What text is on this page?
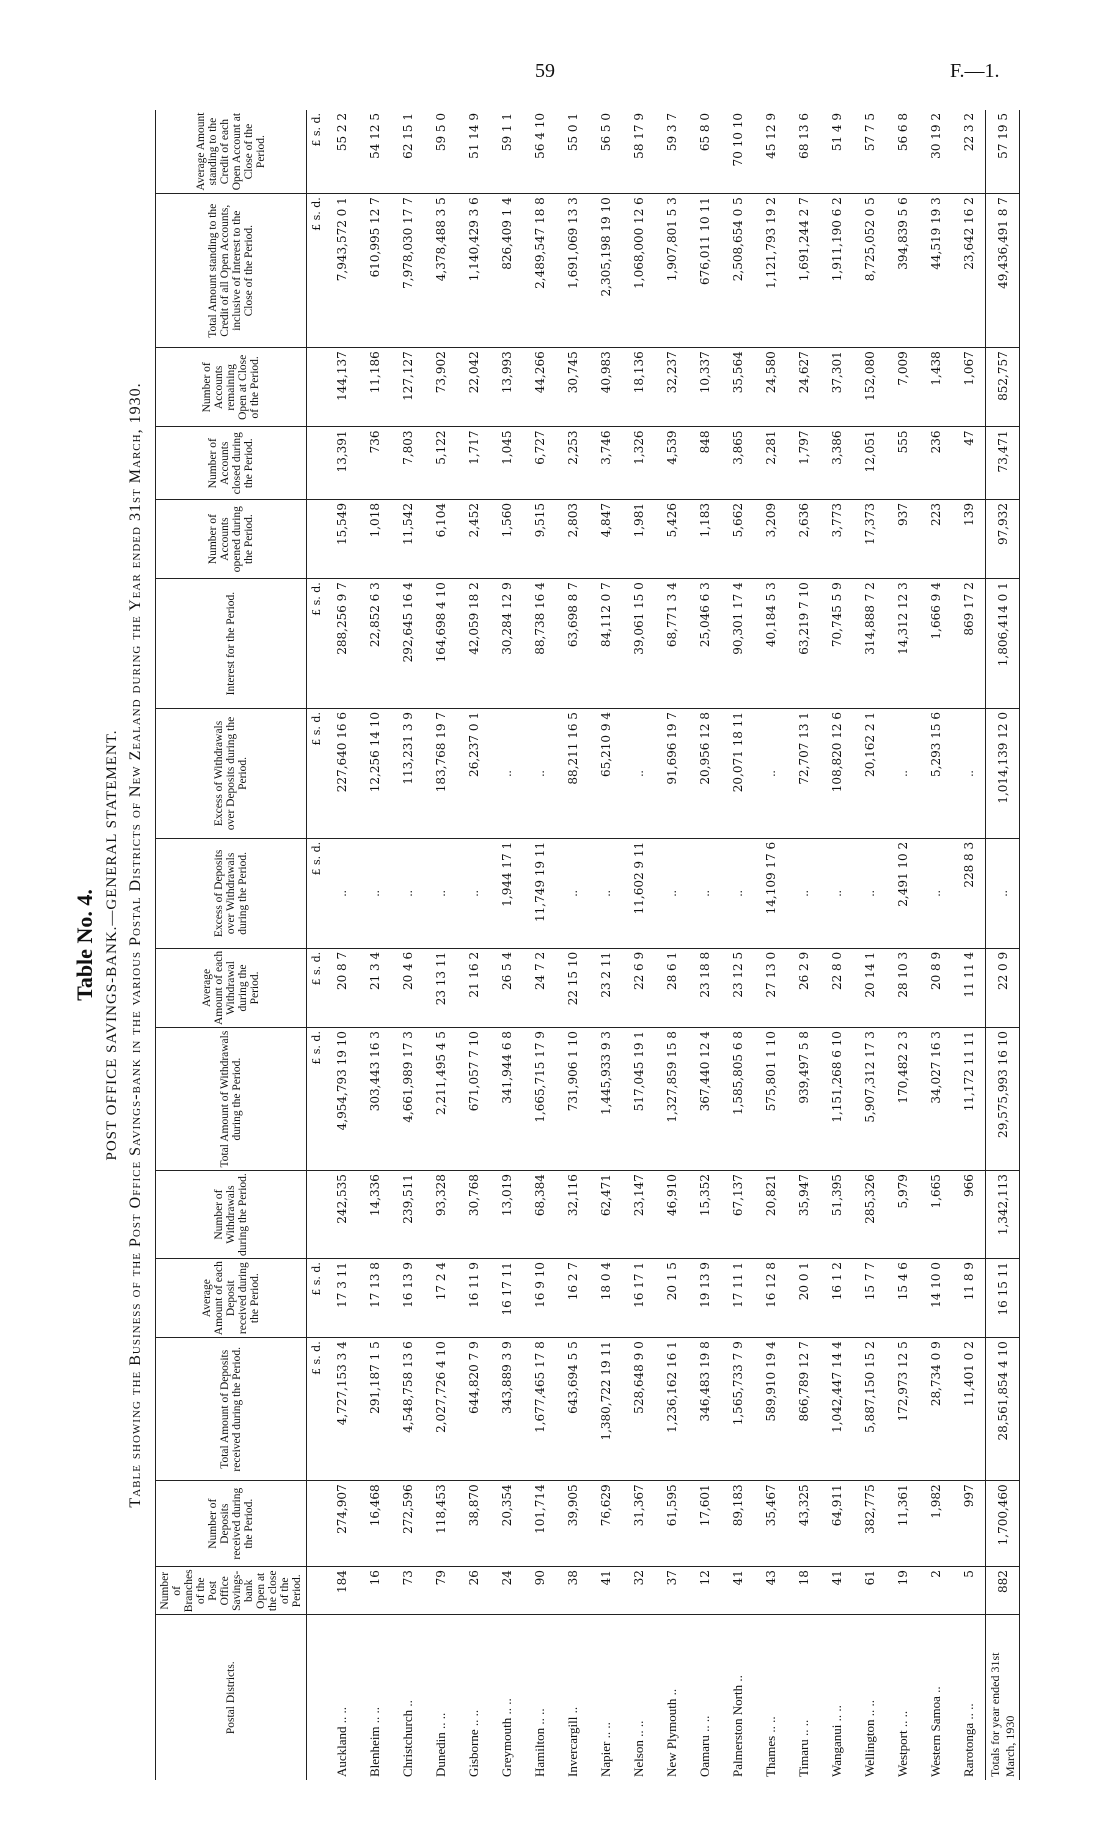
59	F.—1.
Table No. 4. POST OFFICE SAVINGS-BANK.—GENERAL STATEMENT. Table showing the Business of the Post Office Savings-bank in the various Postal Districts of New Zealand during the Year ended 31st March, 1930.
Postal Districts.	Number of Branches of the Post Office Savings-bank Open at the close of the Period.	Number of Deposits received during the Period.	Total Amount of Deposits received during the Period.	Average Amount of each Deposit received during the Period.	Number of Withdrawals during the Period.	Total Amount of Withdrawals during the Period.	Average Amount of each Withdrawal during the Period.	Excess of Deposits over Withdrawals during the Period.	Excess of Withdrawals over Deposits during the Period.	Interest for the Period.	Number of Accounts opened during the Period.	Number of Accounts closed during the Period.	Number of Accounts remaining Open at Close of the Period.	Total Amount standing to the Credit of all Open Accounts, inclusive of Interest to the Close of the Period.	Average Amount standing to the Credit of each Open Account at Close of the Period.
			£ s. d.	£ s. d.		£ s. d.	£ s. d.	£ s. d.	£ s. d.	£ s. d.				£ s. d.	£ s. d.
Auckland .. ..	184	274,907	4,727,153 3 4	17 3 11	242,535	4,954,793 19 10	20 8 7	..	227,640 16 6	288,256 9 7	15,549	13,391	144,137	7,943,572 0 1	55 2 2
Blenheim .. ..	16	16,468	291,187 1 5	17 13 8	14,336	303,443 16 3	21 3 4	..	12,256 14 10	22,852 6 3	1,018	736	11,186	610,995 12 7	54 12 5
Christchurch ..	73	272,596	4,548,758 13 6	16 13 9	239,511	4,661,989 17 3	20 4 6	..	113,231 3 9	292,645 16 4	11,542	7,803	127,127	7,978,030 17 7	62 15 1
Dunedin .. ..	79	118,453	2,027,726 4 10	17 2 4	93,328	2,211,495 4 5	23 13 11	..	183,768 19 7	164,698 4 10	6,104	5,122	73,902	4,378,488 3 5	59 5 0
Gisborne .. ..	26	38,870	644,820 7 9	16 11 9	30,768	671,057 7 10	21 16 2	..	26,237 0 1	42,059 18 2	2,452	1,717	22,042	1,140,429 3 6	51 14 9
Greymouth .. ..	24	20,354	343,889 3 9	16 17 11	13,019	341,944 6 8	26 5 4	1,944 17 1	..	30,284 12 9	1,560	1,045	13,993	826,409 1 4	59 1 1
Hamilton .. ..	90	101,714	1,677,465 17 8	16 9 10	68,384	1,665,715 17 9	24 7 2	11,749 19 11	..	88,738 16 4	9,515	6,727	44,266	2,489,547 18 8	56 4 10
Invercargill ..	38	39,905	643,694 5 5	16 2 7	32,116	731,906 1 10	22 15 10	..	88,211 16 5	63,698 8 7	2,803	2,253	30,745	1,691,069 13 3	55 0 1
Napier .. ..	41	76,629	1,380,722 19 11	18 0 4	62,471	1,445,933 9 3	23 2 11	..	65,210 9 4	84,112 0 7	4,847	3,746	40,983	2,305,198 19 10	56 5 0
Nelson .. ..	32	31,367	528,648 9 0	16 17 1	23,147	517,045 19 1	22 6 9	11,602 9 11	..	39,061 15 0	1,981	1,326	18,136	1,068,000 12 6	58 17 9
New Plymouth ..	37	61,595	1,236,162 16 1	20 1 5	46,910	1,327,859 15 8	28 6 1	..	91,696 19 7	68,771 3 4	5,426	4,539	32,237	1,907,801 5 3	59 3 7
Oamaru .. ..	12	17,601	346,483 19 8	19 13 9	15,352	367,440 12 4	23 18 8	..	20,956 12 8	25,046 6 3	1,183	848	10,337	676,011 10 11	65 8 0
Palmerston North ..	41	89,183	1,565,733 7 9	17 11 1	67,137	1,585,805 6 8	23 12 5	..	20,071 18 11	90,301 17 4	5,662	3,865	35,564	2,508,654 0 5	70 10 10
Thames .. ..	43	35,467	589,910 19 4	16 12 8	20,821	575,801 1 10	27 13 0	14,109 17 6	..	40,184 5 3	3,209	2,281	24,580	1,121,793 19 2	45 12 9
Timaru .. ..	18	43,325	866,789 12 7	20 0 1	35,947	939,497 5 8	26 2 9	..	72,707 13 1	63,219 7 10	2,636	1,797	24,627	1,691,244 2 7	68 13 6
Wanganui .. ..	41	64,911	1,042,447 14 4	16 1 2	51,395	1,151,268 6 10	22 8 0	..	108,820 12 6	70,745 5 9	3,773	3,386	37,301	1,911,190 6 2	51 4 9
Wellington .. ..	61	382,775	5,887,150 15 2	15 7 7	285,326	5,907,312 17 3	20 14 1	..	20,162 2 1	314,888 7 2	17,373	12,051	152,080	8,725,052 0 5	57 7 5
Westport .. ..	19	11,361	172,973 12 5	15 4 6	5,979	170,482 2 3	28 10 3	2,491 10 2	..	14,312 12 3	937	555	7,009	394,839 5 6	56 6 8
Western Samoa ..	2	1,982	28,734 0 9	14 10 0	1,665	34,027 16 3	20 8 9	..	5,293 15 6	1,666 9 4	223	236	1,438	44,519 19 3	30 19 2
Rarotonga .. ..	5	997	11,401 0 2	11 8 9	966	11,172 11 11	11 11 4	228 8 3	..	869 17 2	139	47	1,067	23,642 16 2	22 3 2
Totals for year ended 31st March, 1930	882	1,700,460	28,561,854 4 10	16 15 11	1,342,113	29,575,993 16 10	22 0 9	..	1,014,139 12 0	1,806,414 0 1	97,932	73,471	852,757	49,436,491 8 7	57 19 5
